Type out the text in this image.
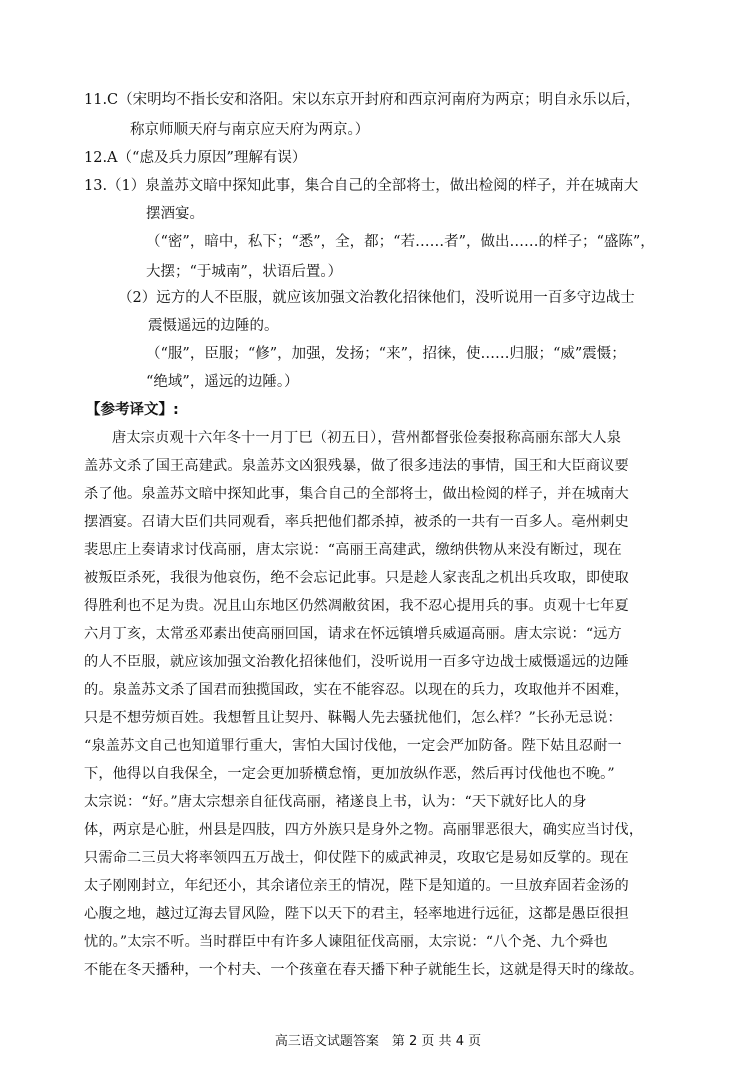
11.C（宋明均不指长安和洛阳。宋以东京开封府和西京河南府为两京；明自永乐以后，
称京师顺天府与南京应天府为两京。）
12.A（“虑及兵力原因”理解有误）
13.（1）泉盖苏文暗中探知此事，集合自己的全部将士，做出检阅的样子，并在城南大
摆酒宴。
（“密”，暗中，私下；“悉”，全，都；“若……者”，做出……的样子；“盛陈”，
大摆；“于城南”，状语后置。）
（2）远方的人不臣服，就应该加强文治教化招徕他们，没听说用一百多守边战士
震慑遥远的边陲的。
（“服”，臣服；“修”，加强，发扬；“来”，招徕，使……归服；“威”震慑；
“绝域”，遥远的边陲。）
【参考译文】:
唐太宗贞观十六年冬十一月丁巳（初五日），营州都督张俭奏报称高丽东部大人泉
盖苏文杀了国王高建武。泉盖苏文凶狠残暴，做了很多违法的事情，国王和大臣商议要
杀了他。泉盖苏文暗中探知此事，集合自己的全部将士，做出检阅的样子，并在城南大
摆酒宴。召请大臣们共同观看，率兵把他们都杀掉，被杀的一共有一百多人。亳州刺史
裴思庄上奏请求讨伐高丽，唐太宗说：“高丽王高建武，缴纳供物从来没有断过，现在
被叛臣杀死，我很为他哀伤，绝不会忘记此事。只是趁人家丧乱之机出兵攻取，即使取
得胜利也不足为贵。况且山东地区仍然凋敝贫困，我不忍心提用兵的事。贞观十七年夏
六月丁亥，太常丞邓素出使高丽回国，请求在怀远镇增兵威逼高丽。唐太宗说：“远方
的人不臣服，就应该加强文治教化招徕他们，没听说用一百多守边战士威慑遥远的边陲
的。泉盖苏文杀了国君而独揽国政，实在不能容忍。以现在的兵力，攻取他并不困难，
只是不想劳烦百姓。我想暂且让契丹、靺鞨人先去骚扰他们，怎么样？”长孙无忌说：
“泉盖苏文自己也知道罪行重大，害怕大国讨伐他，一定会严加防备。陛下姑且忍耐一
下，他得以自我保全，一定会更加骄横怠惰，更加放纵作恶，然后再讨伐他也不晚。”
太宗说：“好。”唐太宗想亲自征伐高丽，褚遂良上书，认为：“天下就好比人的身
体，两京是心脏，州县是四肢，四方外族只是身外之物。高丽罪恶很大，确实应当讨伐，
只需命二三员大将率领四五万战士，仰仗陛下的威武神灵，攻取它是易如反掌的。现在
太子刚刚封立，年纪还小，其余诸位亲王的情况，陛下是知道的。一旦放弃固若金汤的
心腹之地，越过辽海去冒风险，陛下以天下的君主，轻率地进行远征，这都是愚臣很担
忧的。”太宗不听。当时群臣中有许多人谏阻征伐高丽，太宗说：“八个尧、九个舜也
不能在冬天播种，一个村夫、一个孩童在春天播下种子就能生长，这就是得天时的缘故。
高三语文试题答案　第 2 页 共 4 页
